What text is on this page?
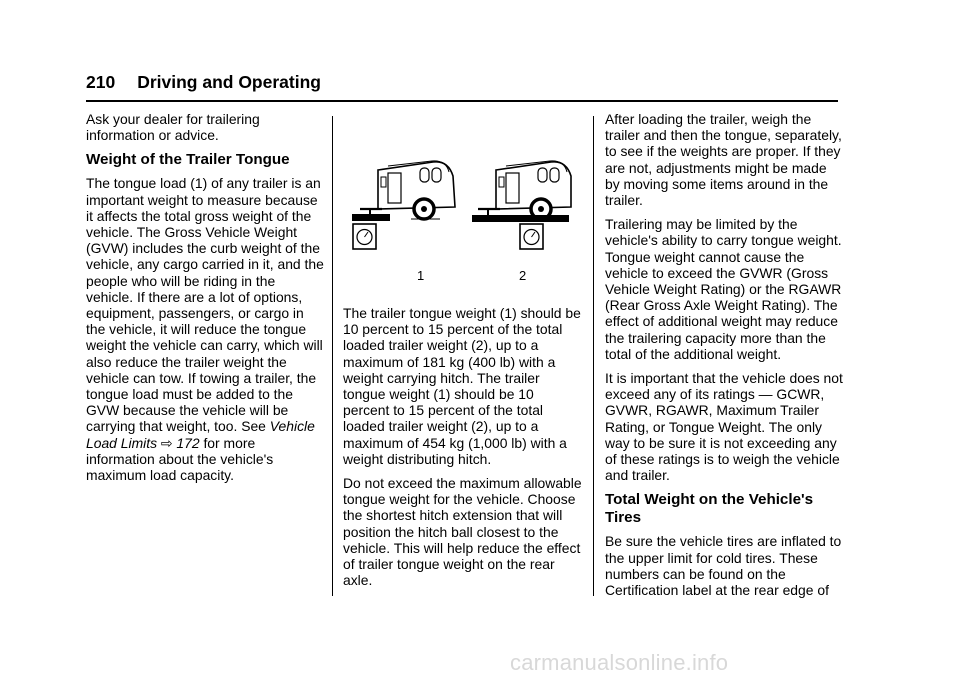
210 Driving and Operating

Ask your dealer for trailering information or advice.

Weight of the Trailer Tongue

The tongue load (1) of any trailer is an important weight to measure because it affects the total gross weight of the vehicle. The Gross Vehicle Weight (GVW) includes the curb weight of the vehicle, any cargo carried in it, and the people who will be riding in the vehicle. If there are a lot of options, equipment, passengers, or cargo in the vehicle, it will reduce the tongue weight the vehicle can carry, which will also reduce the trailer weight the vehicle can tow. If towing a trailer, the tongue load must be added to the GVW because the vehicle will be carrying that weight, too. See Vehicle Load Limits ⇨ 172 for more information about the vehicle's maximum load capacity.

1	2

The trailer tongue weight (1) should be 10 percent to 15 percent of the total loaded trailer weight (2), up to a maximum of 181 kg (400 lb) with a weight carrying hitch. The trailer tongue weight (1) should be 10 percent to 15 percent of the total loaded trailer weight (2), up to a maximum of 454 kg (1,000 lb) with a weight distributing hitch.

Do not exceed the maximum allowable tongue weight for the vehicle. Choose the shortest hitch extension that will position the hitch ball closest to the vehicle. This will help reduce the effect of trailer tongue weight on the rear axle.

After loading the trailer, weigh the trailer and then the tongue, separately, to see if the weights are proper. If they are not, adjustments might be made by moving some items around in the trailer.

Trailering may be limited by the vehicle's ability to carry tongue weight. Tongue weight cannot cause the vehicle to exceed the GVWR (Gross Vehicle Weight Rating) or the RGAWR (Rear Gross Axle Weight Rating). The effect of additional weight may reduce the trailering capacity more than the total of the additional weight.

It is important that the vehicle does not exceed any of its ratings — GCWR, GVWR, RGAWR, Maximum Trailer Rating, or Tongue Weight. The only way to be sure it is not exceeding any of these ratings is to weigh the vehicle and trailer.

Total Weight on the Vehicle's Tires

Be sure the vehicle tires are inflated to the upper limit for cold tires. These numbers can be found on the Certification label at the rear edge of

carmanualsonline.info
